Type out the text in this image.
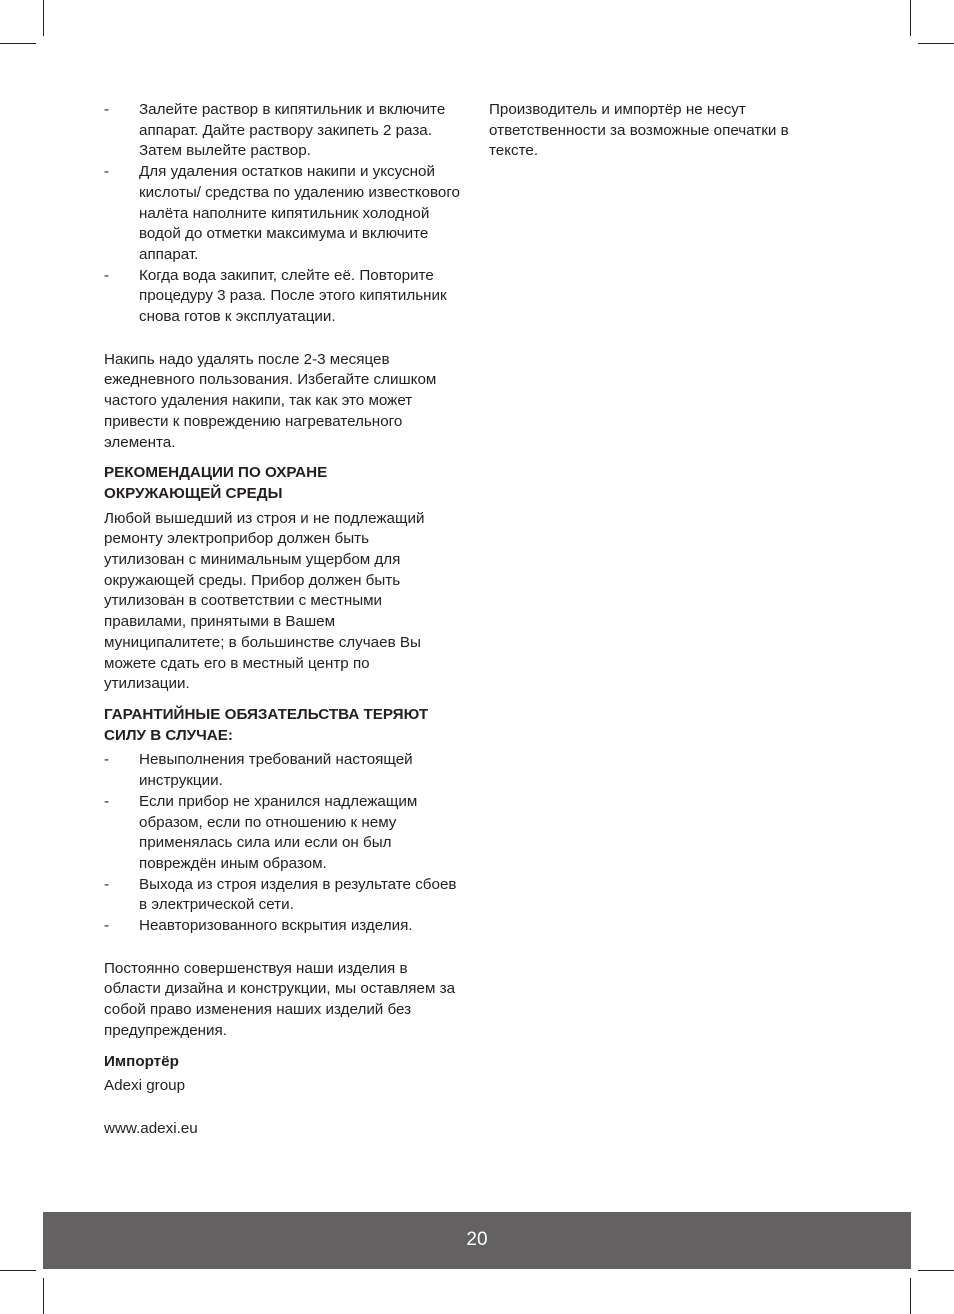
- Залейте раствор в кипятильник и включите аппарат. Дайте раствору закипеть 2 раза. Затем вылейте раствор.
- Для удаления остатков накипи и уксусной кислоты/ средства по удалению известкового налёта наполните кипятильник холодной водой до отметки максимума и включите аппарат.
- Когда вода закипит, слейте её. Повторите процедуру 3 раза. После этого кипятильник снова готов к эксплуатации.

Накипь надо удалять после 2-3 месяцев ежедневного пользования. Избегайте слишком частого удаления накипи, так как это может привести к повреждению нагревательного элемента.

РЕКОМЕНДАЦИИ ПО ОХРАНЕ ОКРУЖАЮЩЕЙ СРЕДЫ

Любой вышедший из строя и не подлежащий ремонту электроприбор должен быть утилизован с минимальным ущербом для окружающей среды. Прибор должен быть утилизован в соответствии с местными правилами, принятыми в Вашем муниципалитете; в большинстве случаев Вы можете сдать его в местный центр по утилизации.

ГАРАНТИЙНЫЕ ОБЯЗАТЕЛЬСТВА ТЕРЯЮТ СИЛУ В СЛУЧАЕ:

- Невыполнения требований настоящей инструкции.
- Если прибор не хранился надлежащим образом, если по отношению к нему применялась сила или если он был повреждён иным образом.
- Выхода из строя изделия в результате сбоев в электрической сети.
- Неавторизованного вскрытия изделия.

Постоянно совершенствуя наши изделия в области дизайна и конструкции, мы оставляем за собой право изменения наших изделий без предупреждения.

Импортёр

Adexi group

www.adexi.eu

Производитель и импортёр не несут ответственности за возможные опечатки в тексте.

20
